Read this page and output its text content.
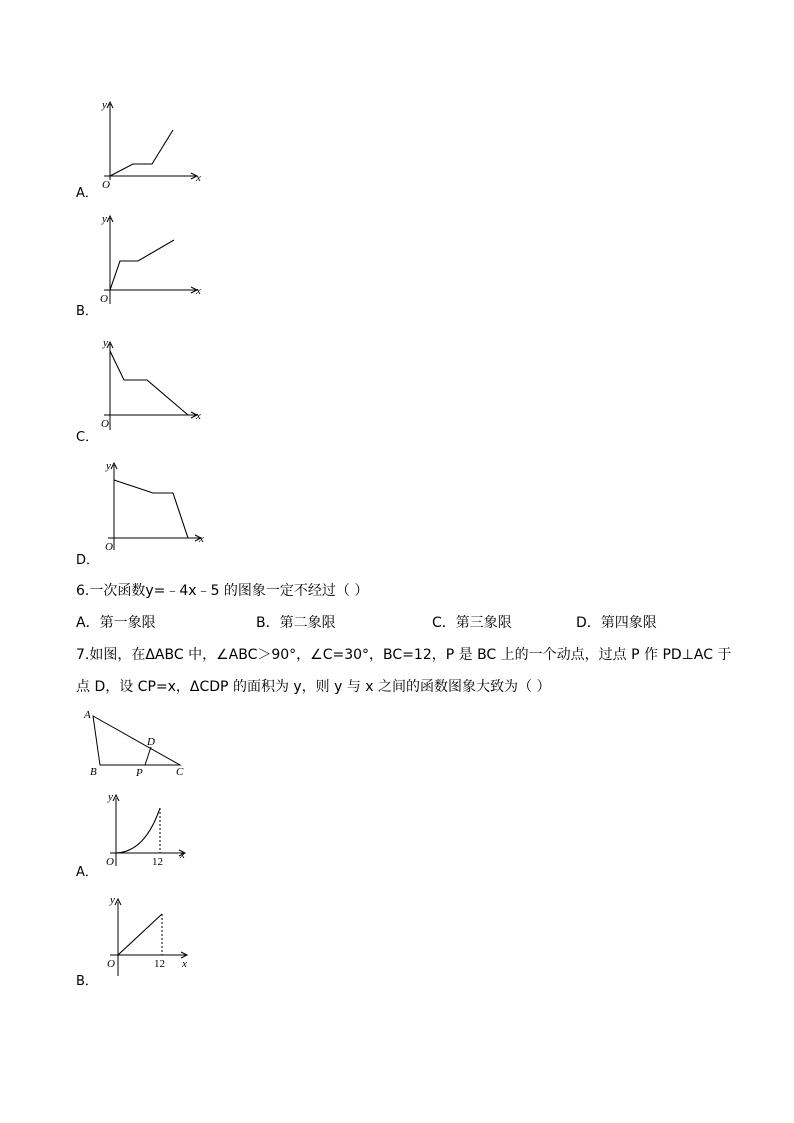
y
x
O
A．
y
x
O
B．
y
x
O
C．
y
x
O
D．
6.一次函数y=﹣4x﹣5 的图象一定不经过（ ）
A．第一象限	B．第二象限	C．第三象限	D．第四象限
7.如图，在ΔABC 中，∠ABC＞90°，∠C=30°，BC=12，P 是 BC 上的一个动点，过点 P 作 PD⊥AC 于
点 D，设 CP=x，ΔCDP 的面积为 y，则 y 与 x 之间的函数图象大致为（ ）
A
B	C
D
P
y
x
O	12
A．
y
x
O	12
B．
